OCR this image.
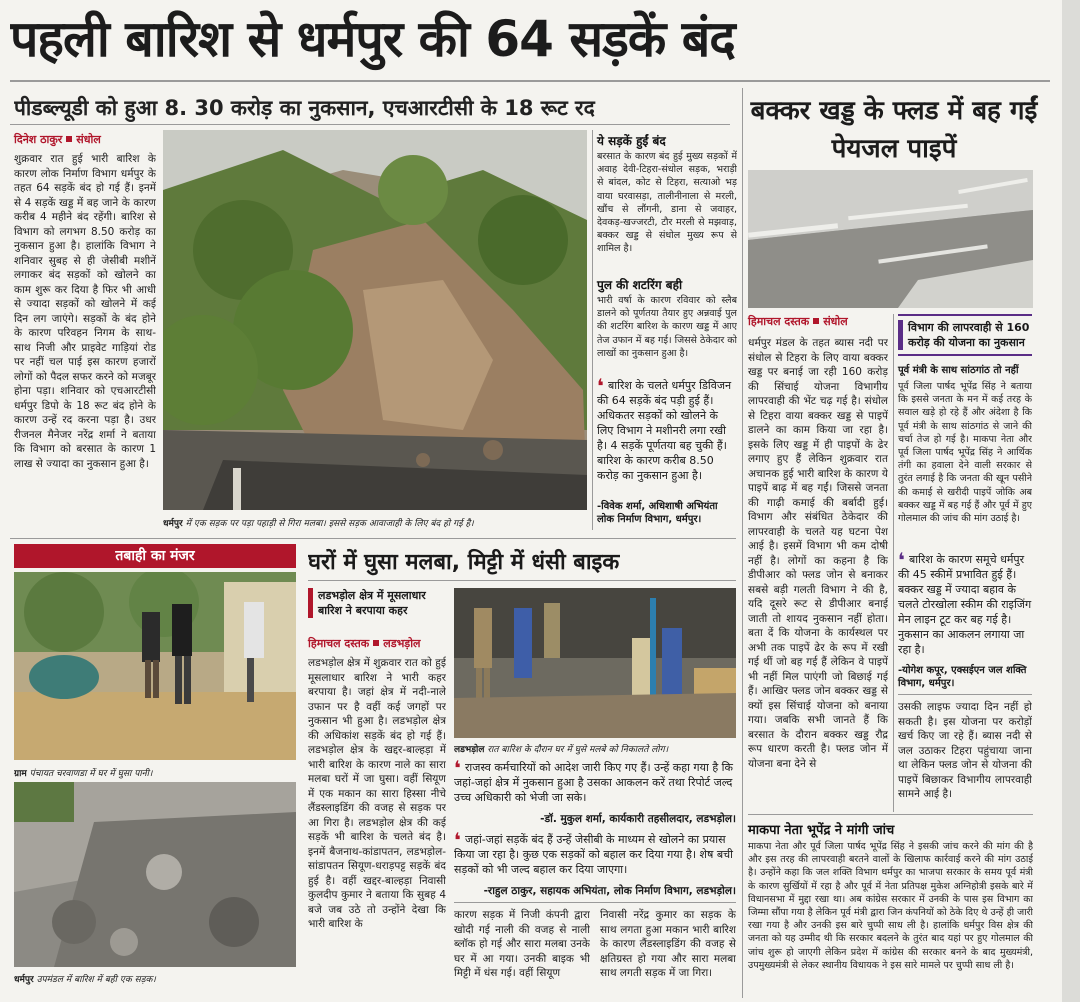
पहली बारिश से धर्मपुर की 64 सड़कें बंद
पीडब्ल्यूडी को हुआ 8. 30 करोड़ का नुकसान, एचआरटीसी के 18 रूट रद	बक्कर खड्ड के फ्लड में बह गईं पेयजल पाइपें
दिनेश ठाकुर संधोल

शुक्रवार रात हुई भारी बारिश के कारण लोक निर्माण विभाग धर्मपुर के तहत 64 सड़कें बंद हो गई हैं। इनमें से 4 सड़कें खड्ड में बह जाने के कारण करीब 4 महीने बंद रहेंगी। बारिश से विभाग को लगभग 8.50 करोड़ का नुकसान हुआ है। हालांकि विभाग ने शनिवार सुबह से ही जेसीबी मशीनें लगाकर बंद सड़कों को खोलने का काम शुरू कर दिया है फिर भी आधी से ज्यादा सड़कों को खोलने में कई दिन लग जाएंगे। सड़कों के बंद होने के कारण परिवहन निगम के साथ-साथ निजी और प्राइवेट गाड़ियां रोड पर नहीं चल पाई इस कारण हजारों लोगों को पैदल सफर करने को मजबूर होना पड़ा। शनिवार को एचआरटीसी धर्मपुर डिपो के 18 रूट बंद होने के कारण उन्हें रद करना पड़ा है। उधर रीजनल मैनेजर नरेंद्र शर्मा ने बताया कि विभाग को बरसात के कारण 1 लाख से ज्यादा का नुकसान हुआ है।

धर्मपुर में एक सड़क पर पड़ा पहाड़ी से गिरा मलबा। इससे सड़क आवाजाही के लिए बंद हो गई है।
ये सड़कें हुईं बंद
बरसात के कारण बंद हुई मुख्य सड़कों में अवाह देवी-टिहरा-संधोल सड़क, भराड़ी से बांदल, कोट से टिहरा, सत्याओ भड़ वाया घरवासड़ा, तालीनीनाला से मरली, खौंच से लौंगनी, डाना से जवाहर, देवकड़-खज्जरटी, टौर मरली से मझवाड़, बक्कर खड्ड से संधोल मुख्य रूप से शामिल है।
पुल की शटरिंग बही
भारी वर्षा के कारण रविवार को स्लैब डालने को पूर्णतया तैयार हुए अन्नवाई पुल की शटरिंग बारिश के कारण खड्ड में आए तेज उफान में बह गई। जिससे ठेकेदार को लाखों का नुकसान हुआ है।
❛ बारिश के चलते धर्मपुर डिविजन की 64 सड़कें बंद पड़ी हुई हैं। अधिकतर सड़कों को खोलने के लिए विभाग ने मशीनरी लगा रखी है। 4 सड़कें पूर्णतया बह चुकी हैं। बारिश के कारण करीब 8.50 करोड़ का नुकसान हुआ है।
-विवेक शर्मा, अधिशाषी अभियंता लोक निर्माण विभाग, धर्मपुर।
हिमाचल दस्तक संधोल
धर्मपुर मंडल के तहत ब्यास नदी पर संधोल से टिहरा के लिए वाया बक्कर खड्ड पर बनाई जा रही 160 करोड़ की सिंचाई योजना विभागीय लापरवाही की भेंट चढ़ गई है। संधोल से टिहरा वाया बक्कर खड्ड से पाइपें डालने का काम किया जा रहा है। इसके लिए खड्ड में ही पाइपों के ढेर लगाए हुए हैं लेकिन शुक्रवार रात अचानक हुई भारी बारिश के कारण ये पाइपें बाढ़ में बह गईं। जिससे जनता की गाढ़ी कमाई की बर्बादी हुई। विभाग और संबंधित ठेकेदार की लापरवाही के चलते यह घटना पेश आई है। इसमें विभाग भी कम दोषी नहीं है। लोगों का कहना है कि डीपीआर को फ्लड जोन से बनाकर सबसे बड़ी गलती विभाग ने की है, यदि दूसरे रूट से डीपीआर बनाई जाती तो शायद नुकसान नहीं होता। बता दें कि योजना के कार्यस्थल पर अभी तक पाइपें ढेर के रूप में रखी गई थीं जो बह गई हैं लेकिन वे पाइपें भी नहीं मिल पाएंगी जो बिछाई गई हैं। आखिर फ्लड जोन बक्कर खड्ड से क्यों इस सिंचाई योजना को बनाया गया। जबकि सभी जानते हैं कि बरसात के दौरान बक्कर खड्ड रौद्र रूप धारण करती है। फ्लड जोन में योजना बना देने से
विभाग की लापरवाही से 160 करोड़ की योजना का नुकसान
पूर्व मंत्री के साथ सांठगांठ तो नहीं
पूर्व जिला पार्षद भूपेंद्र सिंह ने बताया कि इससे जनता के मन में कई तरह के सवाल खड़े हो रहे हैं और अंदेशा है कि पूर्व मंत्री के साथ सांठगांठ से जाने की चर्चा तेज हो गई है। माकपा नेता और पूर्व जिला पार्षद भूपेंद्र सिंह ने आर्थिक तंगी का हवाला देने वाली सरकार से तुरंत लगाई है कि जनता की खून पसीने की कमाई से खरीदी पाइपें जोकि अब बक्कर खड्ड में बह गई हैं और पूर्व में हुए गोलमाल की जांच की मांग उठाई है।
❛ बारिश के कारण समूचे धर्मपुर की 45 स्कीमें प्रभावित हुई हैं। बक्कर खड्ड में ज्यादा बहाव के चलते टोरखोला स्कीम की राइजिंग मेन लाइन टूट कर बह गई है। नुकसान का आकलन लगाया जा रहा है।
-योगेश कपूर, एक्सईएन जल शक्ति विभाग, धर्मपुर।
उसकी लाइफ ज्यादा दिन नहीं हो सकती है। इस योजना पर करोड़ों खर्च किए जा रहे हैं। ब्यास नदी से जल उठाकर टिहरा पहुंचाया जाना था लेकिन फ्लड जोन से योजना की पाइपें बिछाकर विभागीय लापरवाही सामने आई है।
माकपा नेता भूपेंद्र ने मांगी जांच
माकपा नेता और पूर्व जिला पार्षद भूपेंद्र सिंह ने इसकी जांच करने की मांग की है और इस तरह की लापरवाही बरतने वालों के खिलाफ कार्रवाई करने की मांग उठाई है। उन्होंने कहा कि जल शक्ति विभाग धर्मपुर का भाजपा सरकार के समय पूर्व मंत्री के कारण सुर्खियों में रहा है और पूर्व में नेता प्रतिपक्ष मुकेश अग्निहोत्री इसके बारे में विधानसभा में मुद्दा रखा था। अब कांग्रेस सरकार में उनकी के पास इस विभाग का जिम्मा सौंपा गया है लेकिन पूर्व मंत्री द्वारा जिन कंपनियों को ठेके दिए थे उन्हें ही जारी रखा गया है और उनकी इस बारे चुप्पी साध ली है। हालांकि धर्मपुर विस क्षेत्र की जनता को यह उम्मीद थी कि सरकार बदलने के तुरंत बाद यहां पर हुए गोलमाल की जांच शुरू हो जाएगी लेकिन प्रदेश में कांग्रेस की सरकार बनने के बाद मुख्यमंत्री, उपमुख्यमंत्री से लेकर स्थानीय विधायक ने इस सारे मामले पर चुप्पी साध ली है।
तबाही का मंजर
ग्राम पंचायत चरवाणडा में घर में घुसा पानी।
धर्मपुर उपमंडल में बारिश में बही एक सड़क।
घरों में घुसा मलबा, मिट्टी में धंसी बाइक
लडभड़ोल क्षेत्र में मूसलाधार बारिश ने बरपाया कहर
हिमाचल दस्तक लडभड़ोल
लडभड़ोल क्षेत्र में शुक्रवार रात को हुई मूसलाधार बारिश ने भारी कहर बरपाया है। जहां क्षेत्र में नदी-नाले उफान पर है वहीं कई जगहों पर नुकसान भी हुआ है। लडभड़ोल क्षेत्र की अधिकांश सड़कें बंद हो गई हैं। लडभड़ोल क्षेत्र के खद्दर-बाल्हड़ा में भारी बारिश के कारण नाले का सारा मलबा घरों में जा घुसा। वहीं सियूण में एक मकान का सारा हिस्सा नीचे लैंडस्लाइडिंग की वजह से सड़क पर आ गिरा है। लडभड़ोल क्षेत्र की कई सड़कें भी बारिश के चलते बंद है। इनमें बैजनाथ-कांडापतन, लडभड़ोल-सांडापतन सियूण-धराड़पट्ट सड़कें बंद हुई है। वहीं खद्दर-बाल्हड़ा निवासी कुलदीप कुमार ने बताया कि सुबह 4 बजे जब उठे तो उन्होंने देखा कि भारी बारिश के
लडभड़ोल रात बारिश के दौरान घर में घुसे मलबे को निकालते लोग।
❛ राजस्व कर्मचारियों को आदेश जारी किए गए हैं। उन्हें कहा गया है कि जहां-जहां क्षेत्र में नुकसान हुआ है उसका आकलन करें तथा रिपोर्ट जल्द उच्च अधिकारी को भेजी जा सके।
-डॉ. मुकुल शर्मा, कार्यकारी तहसीलदार, लडभड़ोल।
❛ जहां-जहां सड़कें बंद हैं उन्हें जेसीबी के माध्यम से खोलने का प्रयास किया जा रहा है। कुछ एक सड़कों को बहाल कर दिया गया है। शेष बची सड़कों को भी जल्द बहाल कर दिया जाएगा।
-राहुल ठाकुर, सहायक अभियंता, लोक निर्माण विभाग, लडभड़ोल।
कारण सड़क में निजी कंपनी द्वारा खोदी गई नाली की वजह से नाली ब्लॉक हो गई और सारा मलबा उनके घर में आ गया। उनकी बाइक भी मिट्टी में धंस गई। वहीं सियूण
निवासी नरेंद्र कुमार का सड़क के साथ लगता हुआ मकान भारी बारिश के कारण लैंडस्लाइडिंग की वजह से क्षतिग्रस्त हो गया और सारा मलबा साथ लगती सड़क में जा गिरा।
